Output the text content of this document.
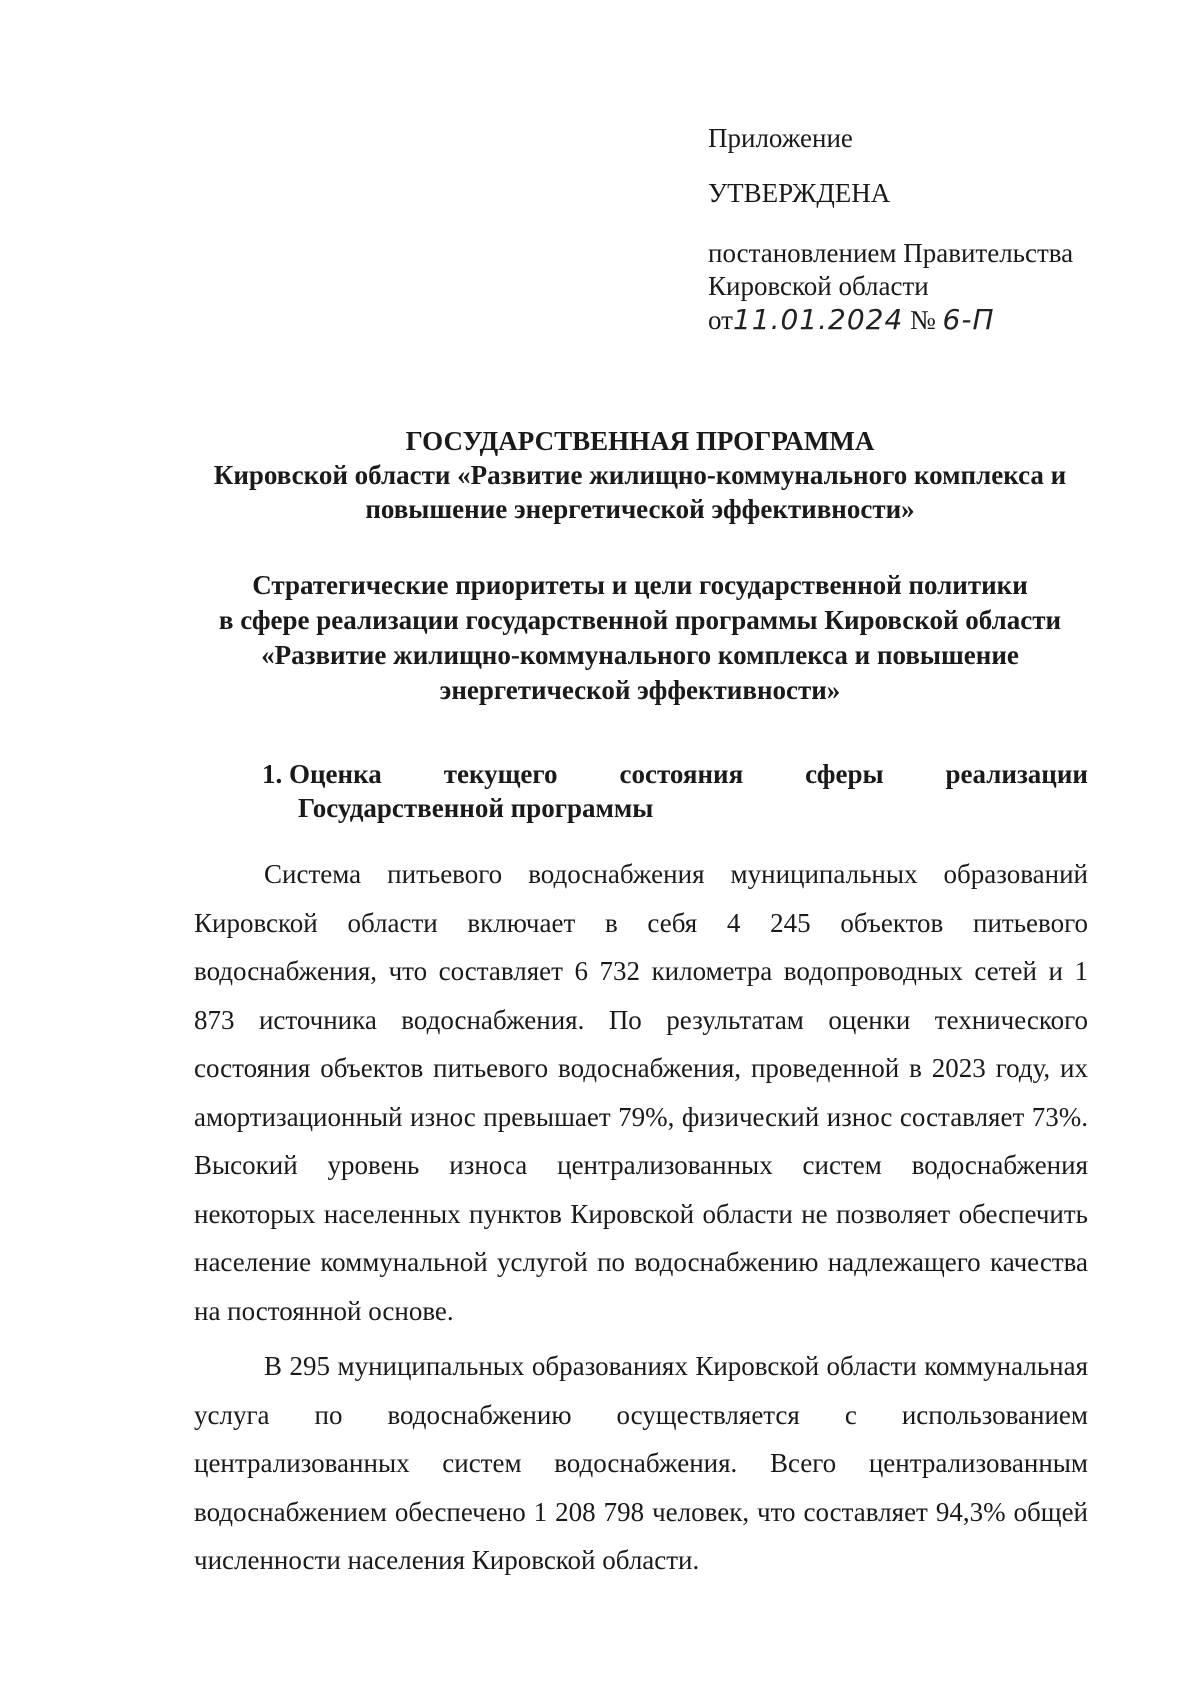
Приложение
УТВЕРЖДЕНА
постановлением Правительства
Кировской области
от11.01.2024 № 6-П
ГОСУДАРСТВЕННАЯ ПРОГРАММА
Кировской области «Развитие жилищно-коммунального комплекса и
повышение энергетической эффективности»
Стратегические приоритеты и цели государственной политики
в сфере реализации государственной программы Кировской области
«Развитие жилищно-коммунального комплекса и повышение
энергетической эффективности»
1. Оценка текущего состояния сферы реализации
Государственной программы

Система питьевого водоснабжения муниципальных образований Кировской области включает в себя 4 245 объектов питьевого водоснабжения, что составляет 6 732 километра водопроводных сетей и 1 873 источника водоснабжения. По результатам оценки технического состояния объектов питьевого водоснабжения, проведенной в 2023 году, их амортизационный износ превышает 79%, физический износ составляет 73%. Высокий уровень износа централизованных систем водоснабжения некоторых населенных пунктов Кировской области не позволяет обеспечить население коммунальной услугой по водоснабжению надлежащего качества на постоянной основе.

В 295 муниципальных образованиях Кировской области коммунальная услуга по водоснабжению осуществляется с использованием централизованных систем водоснабжения. Всего централизованным водоснабжением обеспечено 1 208 798 человек, что составляет 94,3% общей численности населения Кировской области.
